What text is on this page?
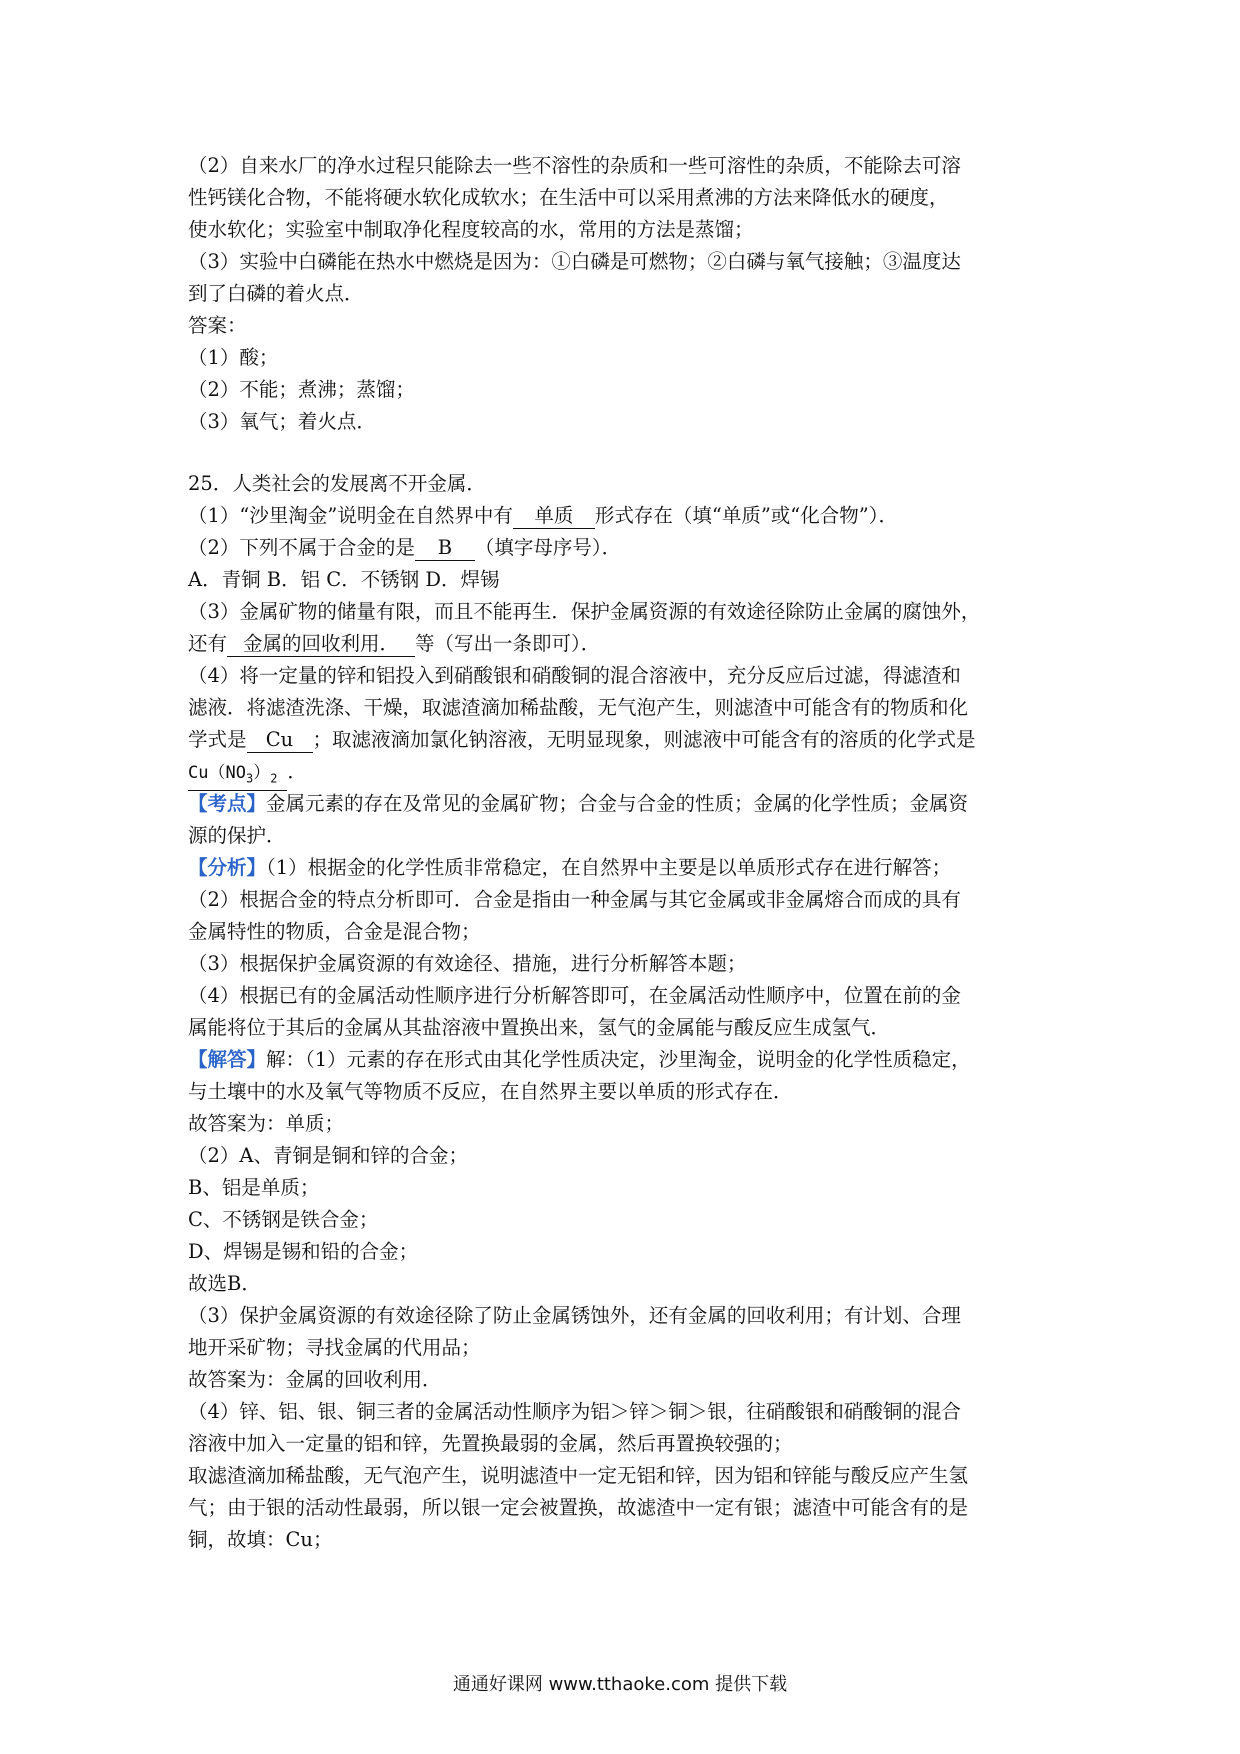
（2）自来水厂的净水过程只能除去一些不溶性的杂质和一些可溶性的杂质，不能除去可溶
性钙镁化合物，不能将硬水软化成软水；在生活中可以采用煮沸的方法来降低水的硬度，
使水软化；实验室中制取净化程度较高的水，常用的方法是蒸馏；
（3）实验中白磷能在热水中燃烧是因为：①白磷是可燃物；②白磷与氧气接触；③温度达
到了白磷的着火点．
答案：
（1）酸；
（2）不能；煮沸；蒸馏；
（3）氧气；着火点．
25．人类社会的发展离不开金属．
（1）“沙里淘金”说明金在自然界中有 单质 形式存在（填“单质”或“化合物”）．
（2）下列不属于合金的是 B （填字母序号）．
A．青铜 B．铝 C．不锈钢 D．焊锡
（3）金属矿物的储量有限，而且不能再生．保护金属资源的有效途径除防止金属的腐蚀外，
还有 金属的回收利用． 等（写出一条即可）．
（4）将一定量的锌和铝投入到硝酸银和硝酸铜的混合溶液中，充分反应后过滤，得滤渣和
滤液．将滤渣洗涤、干燥，取滤渣滴加稀盐酸，无气泡产生，则滤渣中可能含有的物质和化
学式是 Cu ；取滤液滴加氯化钠溶液，无明显现象，则滤液中可能含有的溶质的化学式是
$Cu(NO_3)_2$ ．
【考点】金属元素的存在及常见的金属矿物；合金与合金的性质；金属的化学性质；金属资
源的保护．
【分析】（1）根据金的化学性质非常稳定，在自然界中主要是以单质形式存在进行解答；
（2）根据合金的特点分析即可．合金是指由一种金属与其它金属或非金属熔合而成的具有
金属特性的物质，合金是混合物；
（3）根据保护金属资源的有效途径、措施，进行分析解答本题；
（4）根据已有的金属活动性顺序进行分析解答即可，在金属活动性顺序中，位置在前的金
属能将位于其后的金属从其盐溶液中置换出来，氢气的金属能与酸反应生成氢气．
【解答】解：（1）元素的存在形式由其化学性质决定，沙里淘金，说明金的化学性质稳定，
与土壤中的水及氧气等物质不反应，在自然界主要以单质的形式存在．
故答案为：单质；
（2）A、青铜是铜和锌的合金；
B、铝是单质；
C、不锈钢是铁合金；
D、焊锡是锡和铅的合金；
故选B．
（3）保护金属资源的有效途径除了防止金属锈蚀外，还有金属的回收利用；有计划、合理
地开采矿物；寻找金属的代用品；
故答案为：金属的回收利用．
（4）锌、铝、银、铜三者的金属活动性顺序为铝＞锌＞铜＞银，往硝酸银和硝酸铜的混合
溶液中加入一定量的铝和锌，先置换最弱的金属，然后再置换较强的；
取滤渣滴加稀盐酸，无气泡产生，说明滤渣中一定无铝和锌，因为铝和锌能与酸反应产生氢
气；由于银的活动性最弱，所以银一定会被置换，故滤渣中一定有银；滤渣中可能含有的是
铜，故填：Cu；
通通好课网 www.tthaoke.com 提供下载
